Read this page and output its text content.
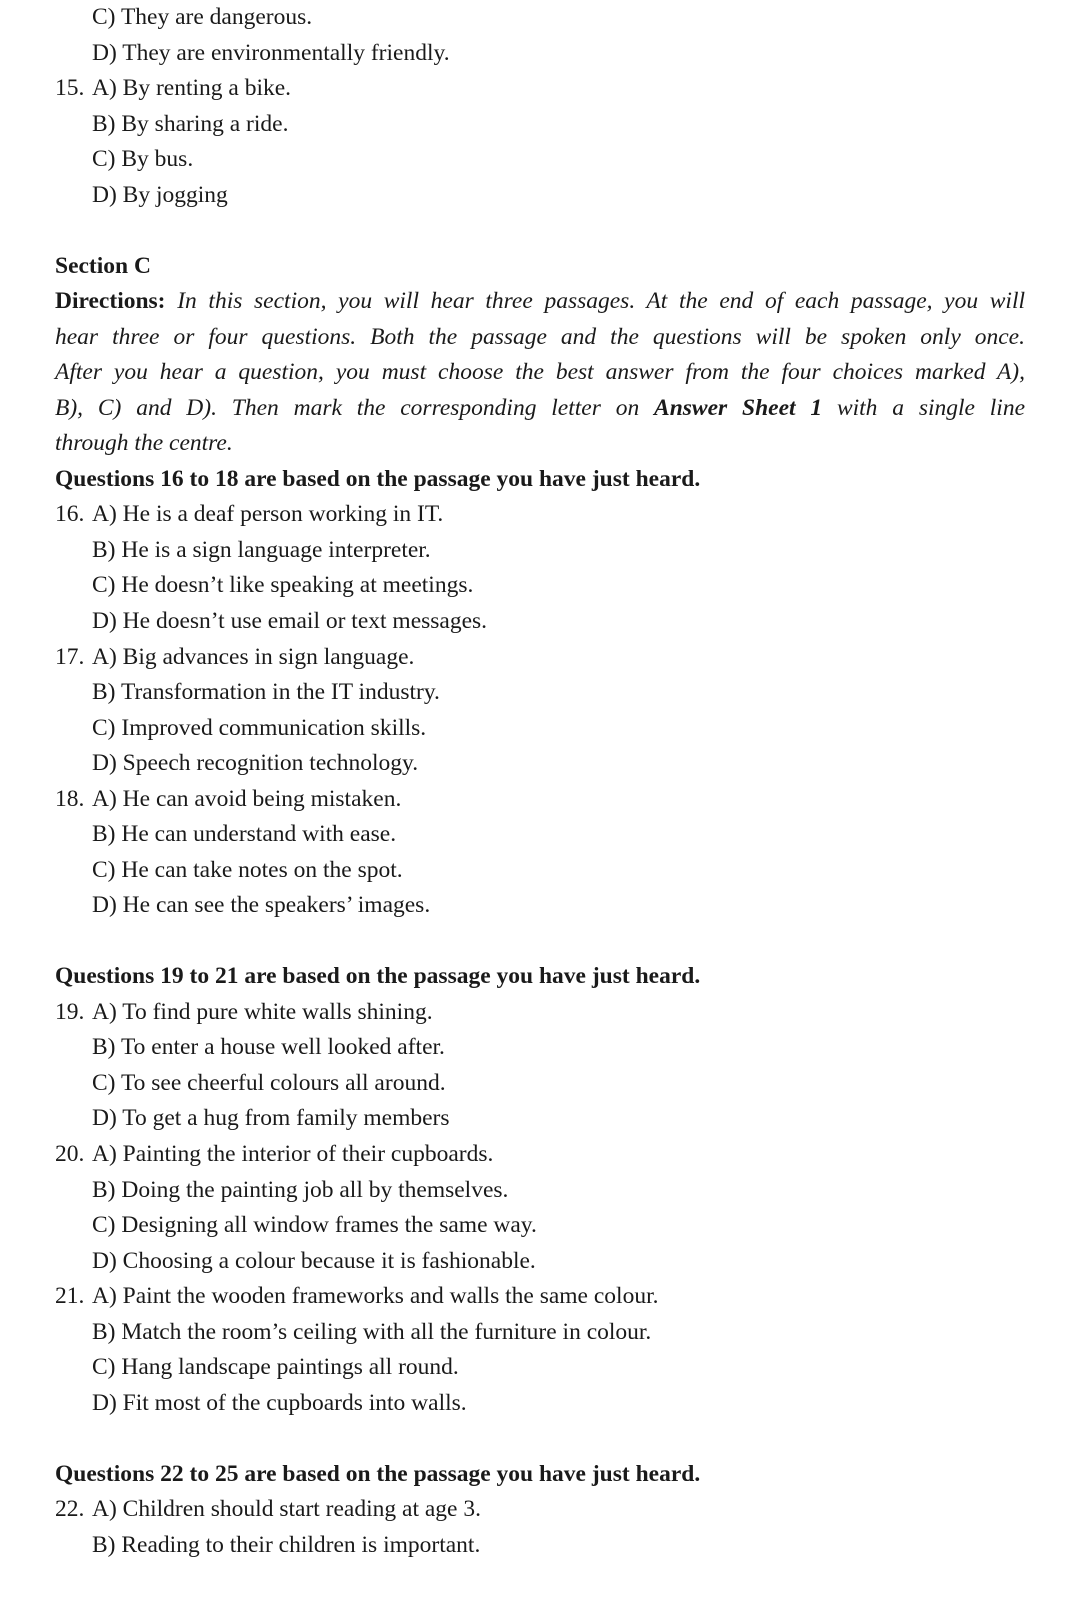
C) They are dangerous.
D) They are environmentally friendly.
15. A) By renting a bike.
B) By sharing a ride.
C) By bus.
D) By jogging
Section C
Directions: In this section, you will hear three passages. At the end of each passage, you will
hear three or four questions. Both the passage and the questions will be spoken only once.
After you hear a question, you must choose the best answer from the four choices marked A),
B), C) and D). Then mark the corresponding letter on Answer Sheet 1 with a single line
through the centre.
Questions 16 to 18 are based on the passage you have just heard.
16. A) He is a deaf person working in IT.
B) He is a sign language interpreter.
C) He doesn’t like speaking at meetings.
D) He doesn’t use email or text messages.
17. A) Big advances in sign language.
B) Transformation in the IT industry.
C) Improved communication skills.
D) Speech recognition technology.
18. A) He can avoid being mistaken.
B) He can understand with ease.
C) He can take notes on the spot.
D) He can see the speakers’ images.
Questions 19 to 21 are based on the passage you have just heard.
19. A) To find pure white walls shining.
B) To enter a house well looked after.
C) To see cheerful colours all around.
D) To get a hug from family members
20. A) Painting the interior of their cupboards.
B) Doing the painting job all by themselves.
C) Designing all window frames the same way.
D) Choosing a colour because it is fashionable.
21. A) Paint the wooden frameworks and walls the same colour.
B) Match the room’s ceiling with all the furniture in colour.
C) Hang landscape paintings all round.
D) Fit most of the cupboards into walls.
Questions 22 to 25 are based on the passage you have just heard.
22. A) Children should start reading at age 3.
B) Reading to their children is important.
